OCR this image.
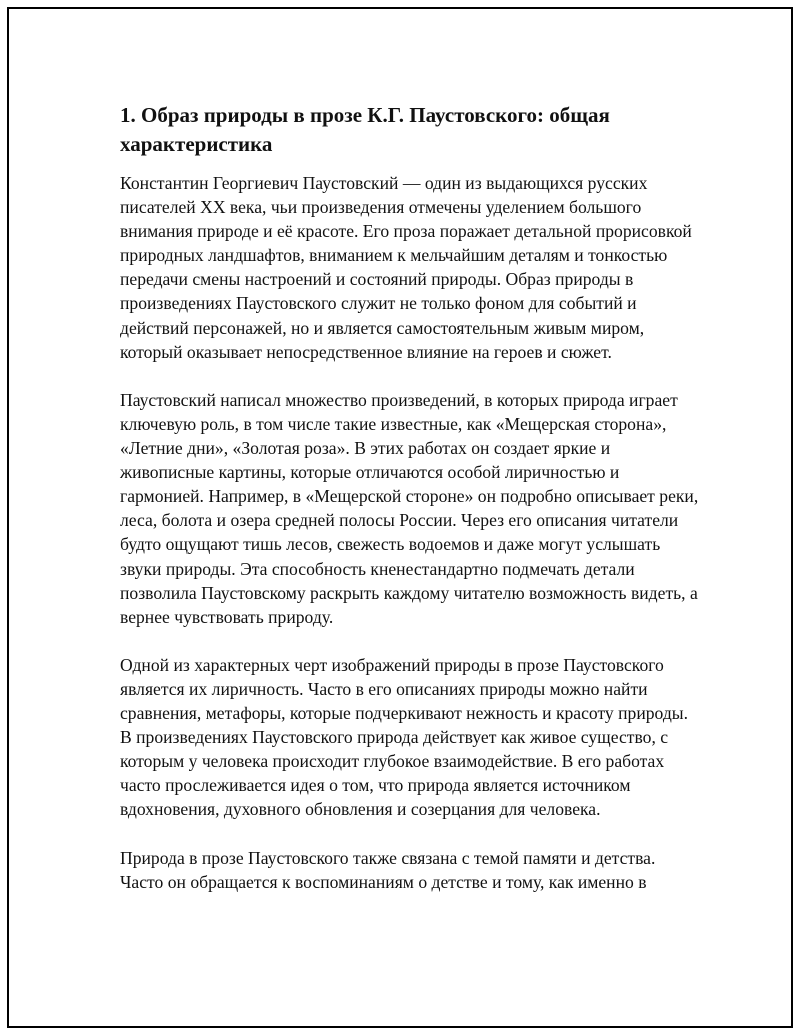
1. Образ природы в прозе К.Г. Паустовского: общая характеристика

Константин Георгиевич Паустовский — один из выдающихся русских писателей XX века, чьи произведения отмечены уделением большого внимания природе и её красоте. Его проза поражает детальной прорисовкой природных ландшафтов, вниманием к мельчайшим деталям и тонкостью передачи смены настроений и состояний природы. Образ природы в произведениях Паустовского служит не только фоном для событий и действий персонажей, но и является самостоятельным живым миром, который оказывает непосредственное влияние на героев и сюжет.

Паустовский написал множество произведений, в которых природа играет ключевую роль, в том числе такие известные, как «Мещерская сторона», «Летние дни», «Золотая роза». В этих работах он создает яркие и живописные картины, которые отличаются особой лиричностью и гармонией. Например, в «Мещерской стороне» он подробно описывает реки, леса, болота и озера средней полосы России. Через его описания читатели будто ощущают тишь лесов, свежесть водоемов и даже могут услышать звуки природы. Эта способность кненестандартно подмечать детали позволила Паустовскому раскрыть каждому читателю возможность видеть, а вернее чувствовать природу.

Одной из характерных черт изображений природы в прозе Паустовского является их лиричность. Часто в его описаниях природы можно найти сравнения, метафоры, которые подчеркивают нежность и красоту природы. В произведениях Паустовского природа действует как живое существо, с которым у человека происходит глубокое взаимодействие. В его работах часто прослеживается идея о том, что природа является источником вдохновения, духовного обновления и созерцания для человека.

Природа в прозе Паустовского также связана с темой памяти и детства. Часто он обращается к воспоминаниям о детстве и тому, как именно в
